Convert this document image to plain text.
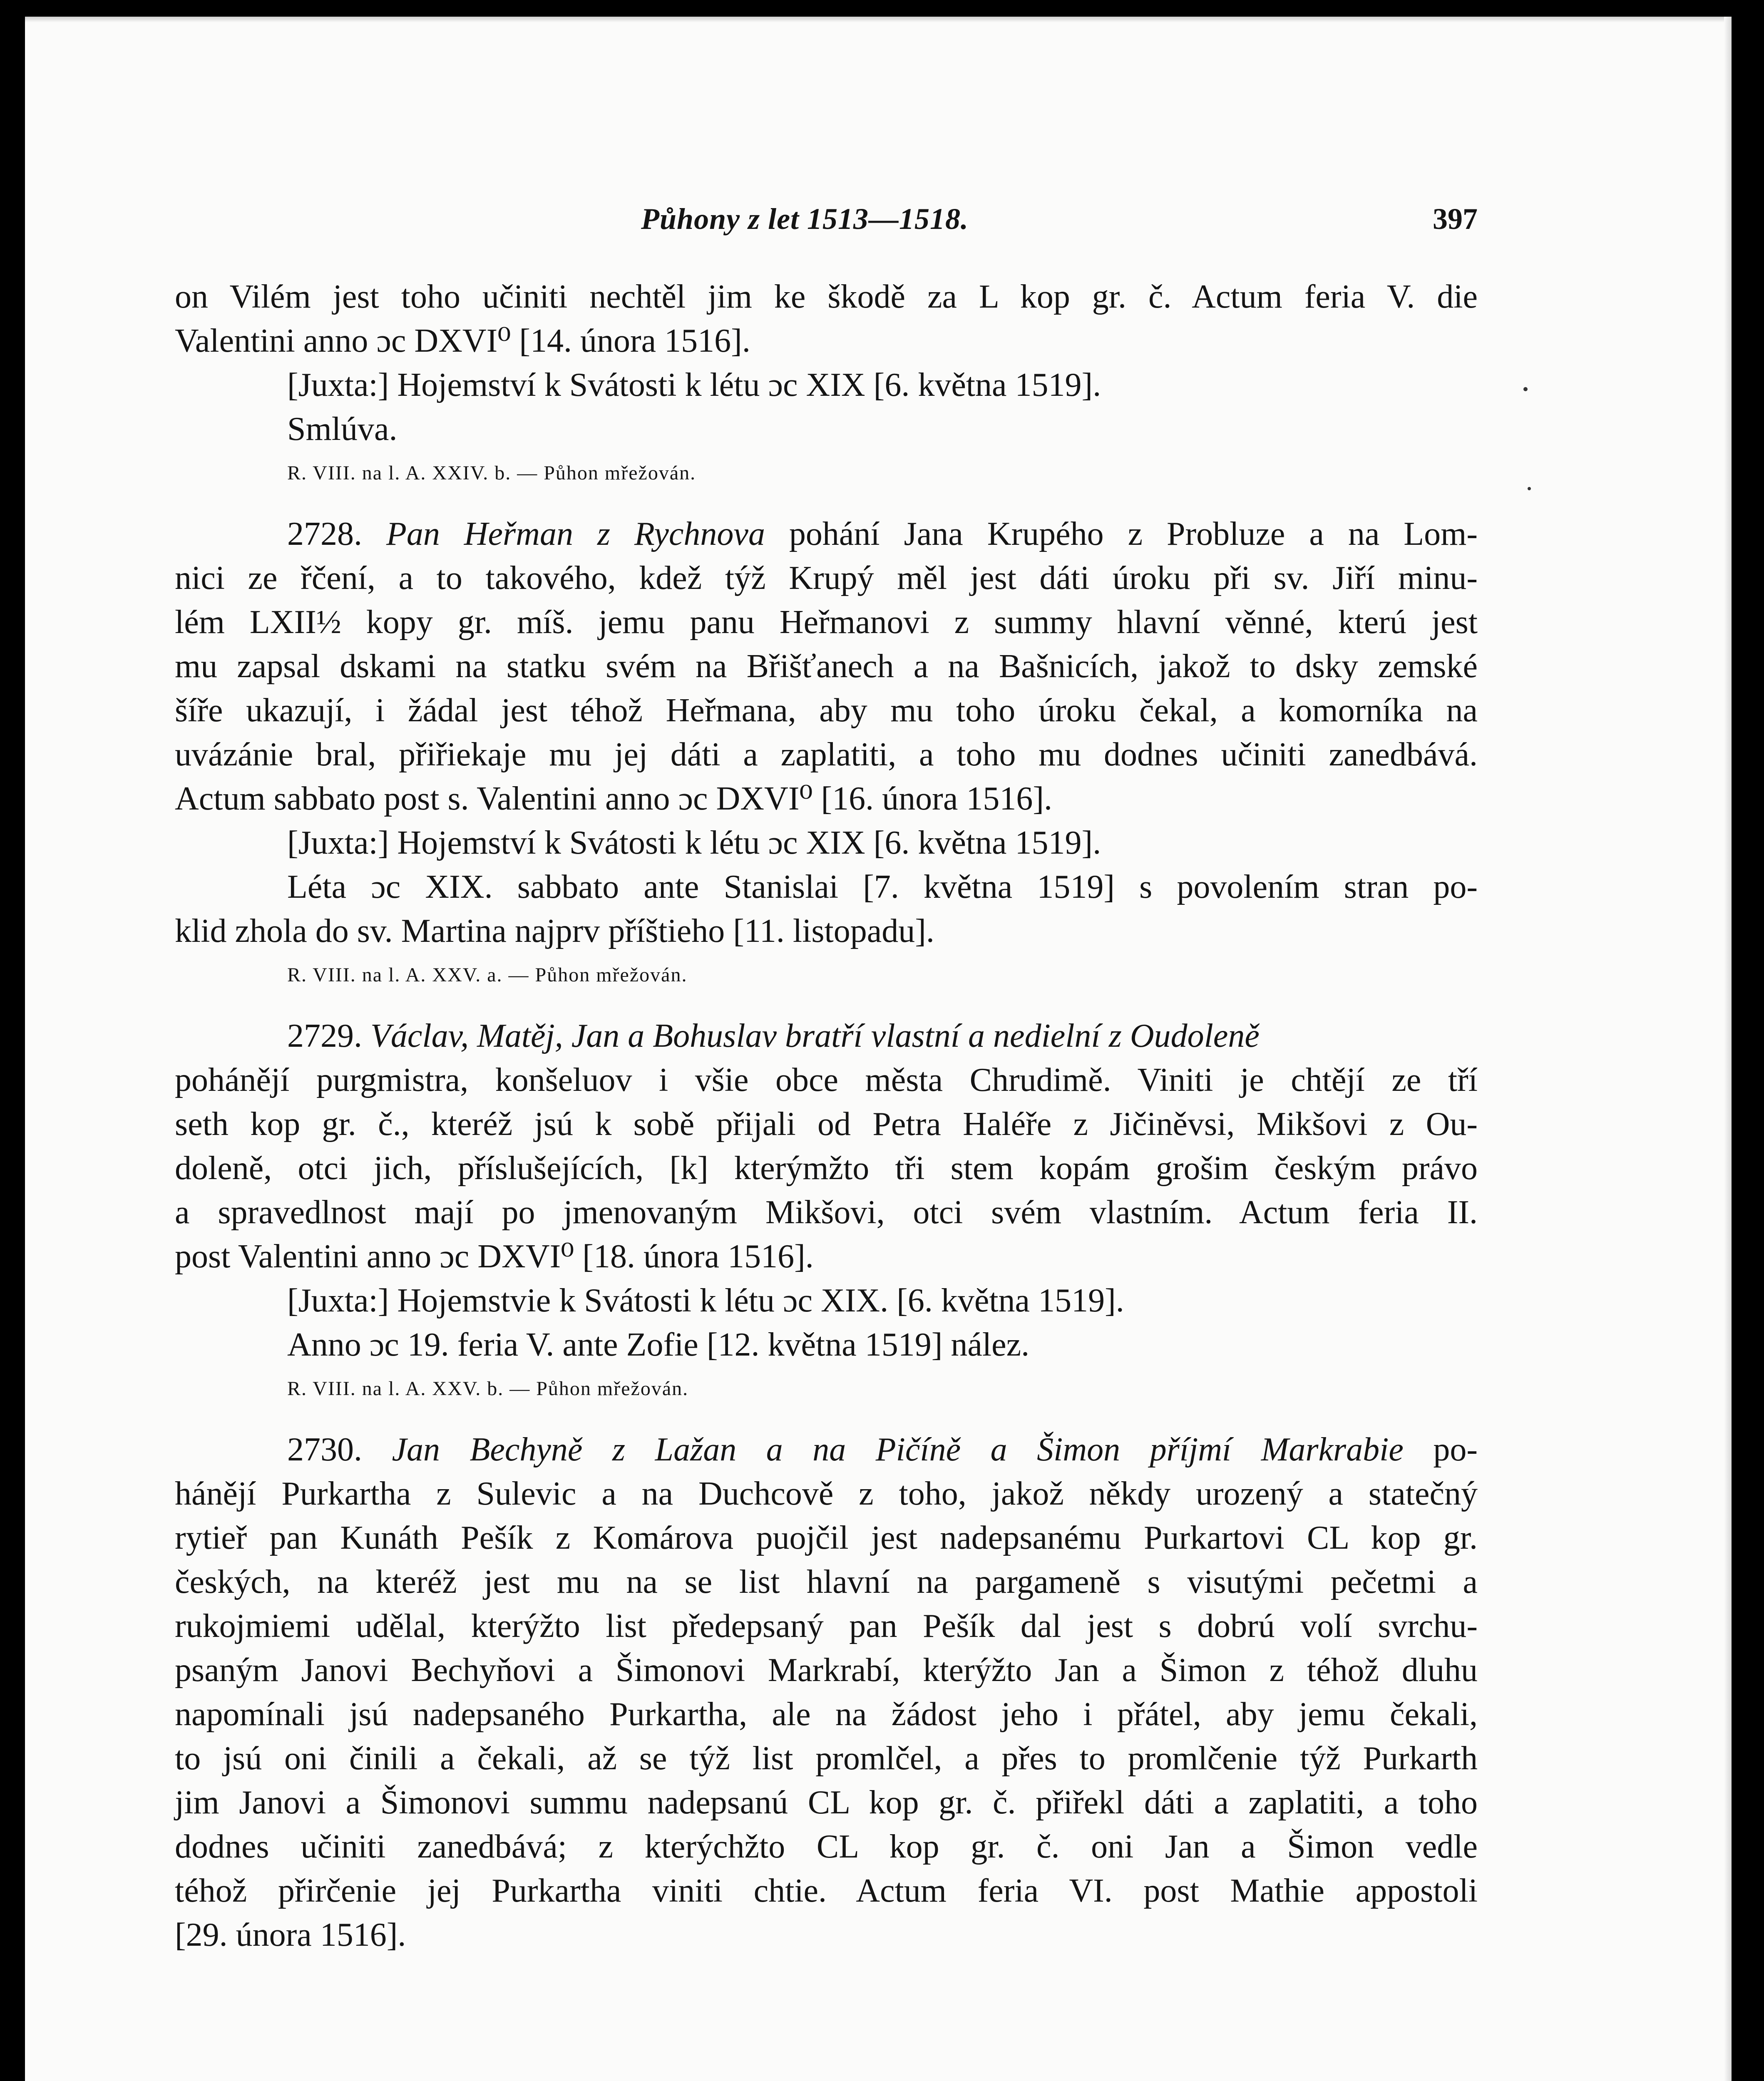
Půhony z let 1513—1518.	397
on Vilém jest toho učiniti nechtěl jim ke škodě za L kop gr. č. Actum feria V. die
Valentini anno ɔc DXVI⁰ [14. února 1516].
[Juxta:] Hojemství k Svátosti k létu ɔc XIX [6. května 1519].
Smlúva.
R. VIII. na l. A. XXIV. b. — Půhon mřežován.
2728. Pan Heřman z Rychnova pohání Jana Krupého z Probluze a na Lom-
nici ze řčení, a to takového, kdež týž Krupý měl jest dáti úroku při sv. Jiří minu-
lém LXII½ kopy gr. míš. jemu panu Heřmanovi z summy hlavní věnné, kterú jest
mu zapsal dskami na statku svém na Břišťanech a na Bašnicích, jakož to dsky zemské
šíře ukazují, i žádal jest téhož Heřmana, aby mu toho úroku čekal, a komorníka na
uvázánie bral, přiřiekaje mu jej dáti a zaplatiti, a toho mu dodnes učiniti zanedbává.
Actum sabbato post s. Valentini anno ɔc DXVI⁰ [16. února 1516].
[Juxta:] Hojemství k Svátosti k létu ɔc XIX [6. května 1519].
Léta ɔc XIX. sabbato ante Stanislai [7. května 1519] s povolením stran po-
klid zhola do sv. Martina najprv příštieho [11. listopadu].
R. VIII. na l. A. XXV. a. — Půhon mřežován.
2729. Václav, Matěj, Jan a Bohuslav bratří vlastní a nedielní z Oudoleně
pohánějí purgmistra, konšeluov i všie obce města Chrudimě. Viniti je chtějí ze tří
seth kop gr. č., kteréž jsú k sobě přijali od Petra Haléře z Jičiněvsi, Mikšovi z Ou-
doleně, otci jich, příslušejících, [k] kterýmžto tři stem kopám grošim českým právo
a spravedlnost mají po jmenovaným Mikšovi, otci svém vlastním. Actum feria II.
post Valentini anno ɔc DXVI⁰ [18. února 1516].
[Juxta:] Hojemstvie k Svátosti k létu ɔc XIX. [6. května 1519].
Anno ɔc 19. feria V. ante Zofie [12. května 1519] nález.
R. VIII. na l. A. XXV. b. — Půhon mřežován.
2730. Jan Bechyně z Lažan a na Pičíně a Šimon příjmí Markrabie po-
hánějí Purkartha z Sulevic a na Duchcově z toho, jakož někdy urozený a statečný
rytieř pan Kunáth Pešík z Komárova puojčil jest nadepsanému Purkartovi CL kop gr.
českých, na kteréž jest mu na se list hlavní na pargameně s visutými pečetmi a
rukojmiemi udělal, kterýžto list předepsaný pan Pešík dal jest s dobrú volí svrchu-
psaným Janovi Bechyňovi a Šimonovi Markrabí, kterýžto Jan a Šimon z téhož dluhu
napomínali jsú nadepsaného Purkartha, ale na žádost jeho i přátel, aby jemu čekali,
to jsú oni činili a čekali, až se týž list promlčel, a přes to promlčenie týž Purkarth
jim Janovi a Šimonovi summu nadepsanú CL kop gr. č. přiřekl dáti a zaplatiti, a toho
dodnes učiniti zanedbává; z kterýchžto CL kop gr. č. oni Jan a Šimon vedle
téhož přirčenie jej Purkartha viniti chtie. Actum feria VI. post Mathie appostoli
[29. února 1516].
